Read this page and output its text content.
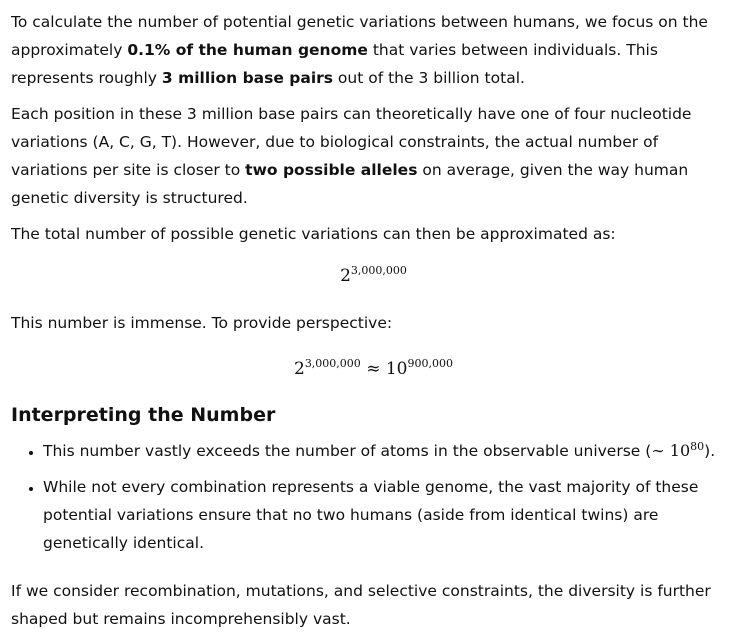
To calculate the number of potential genetic variations between humans, we focus on the approximately 0.1% of the human genome that varies between individuals. This represents roughly 3 million base pairs out of the 3 billion total.

Each position in these 3 million base pairs can theoretically have one of four nucleotide variations (A, C, G, T). However, due to biological constraints, the actual number of variations per site is closer to two possible alleles on average, given the way human genetic diversity is structured.

The total number of possible genetic variations can then be approximated as:

2$^{3,000,000}$

This number is immense. To provide perspective:

$2^{3,000,000} \approx 10^{900,000}$
Interpreting the Number
• This number vastly exceeds the number of atoms in the observable universe (∼ $10^{80}$).
• While not every combination represents a viable genome, the vast majority of these potential variations ensure that no two humans (aside from identical twins) are genetically identical.

If we consider recombination, mutations, and selective constraints, the diversity is further shaped but remains incomprehensibly vast.
